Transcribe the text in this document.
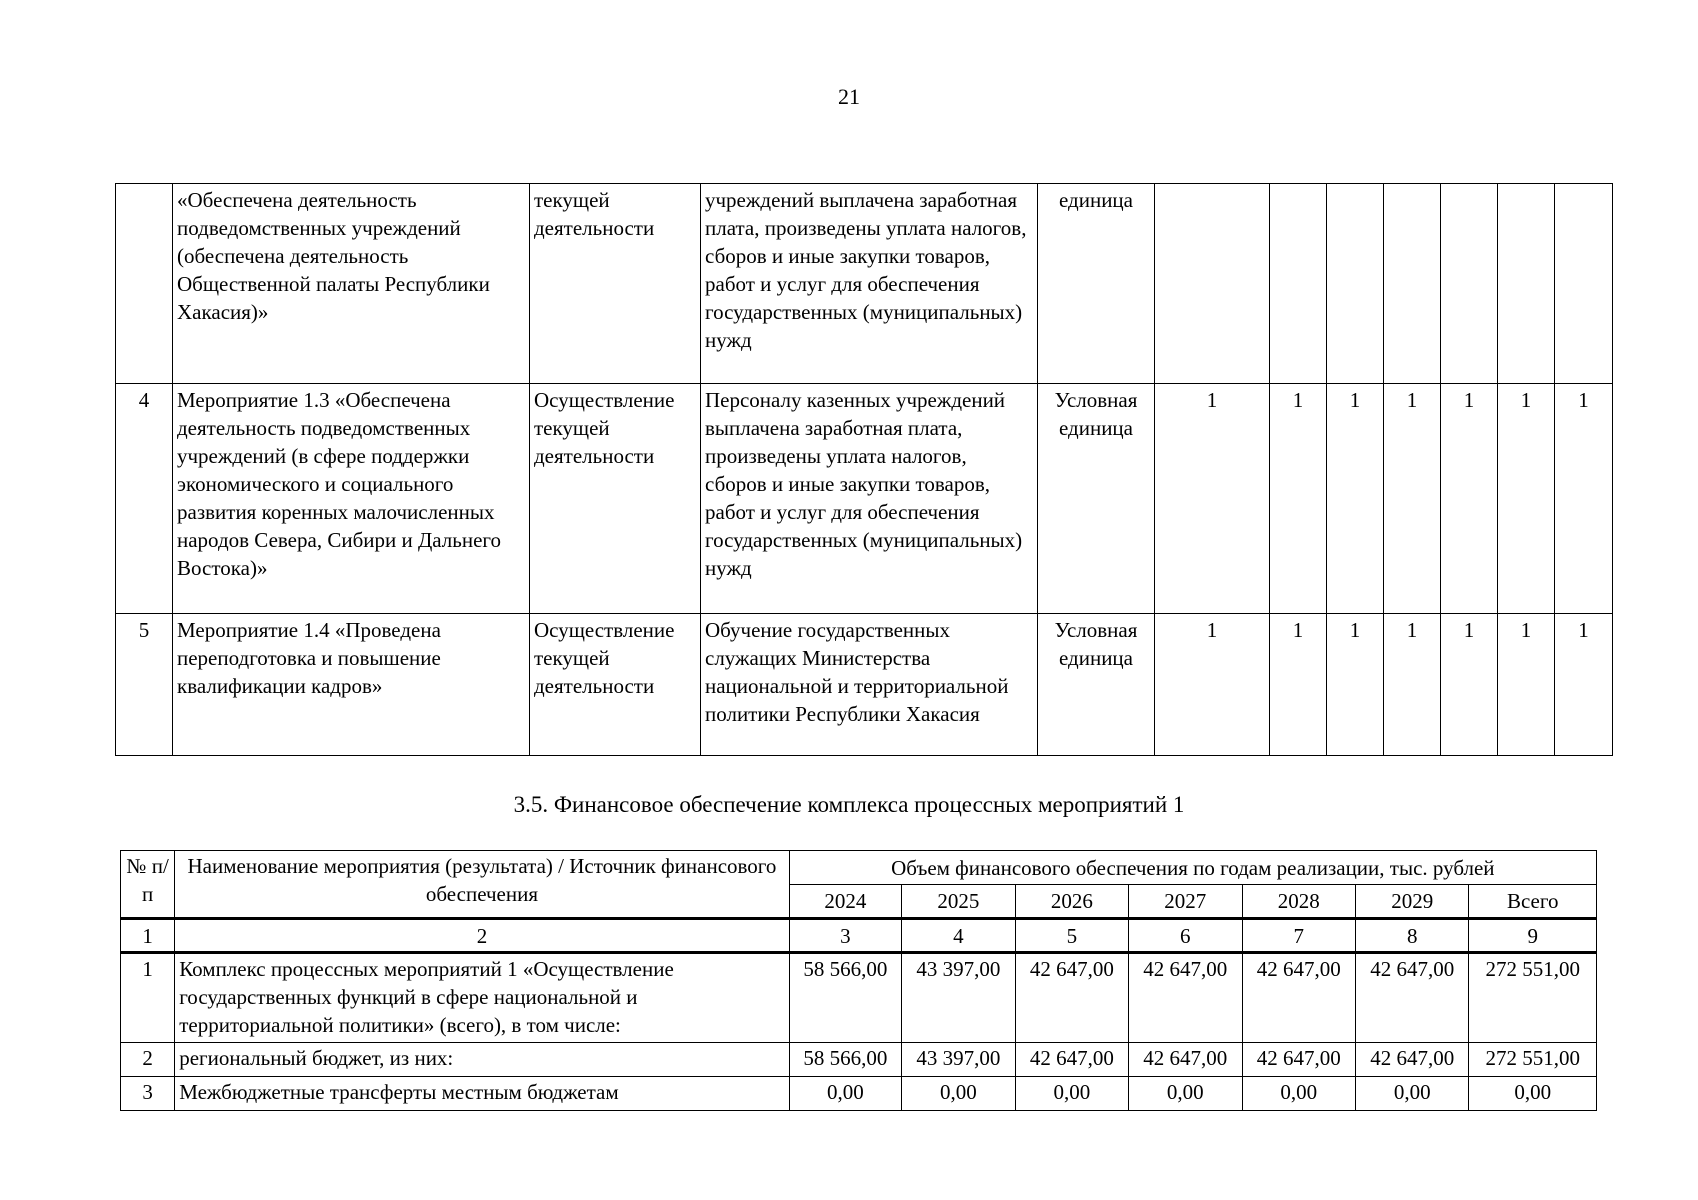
21
	«Обеспечена деятельность подведомственных учреждений (обеспечена деятельность Общественной палаты Республики Хакасия)»	текущей деятельности	учреждений выплачена заработная плата, произведены уплата налогов, сборов и иные закупки товаров, работ и услуг для обеспечения государственных (муниципальных) нужд	единица							
4	Мероприятие 1.3 «Обеспечена деятельность подведомственных учреждений (в сфере поддержки экономического и социального развития коренных малочисленных народов Севера, Сибири и Дальнего Востока)»	Осуществление текущей деятельности	Персоналу казенных учреждений выплачена заработная плата, произведены уплата налогов, сборов и иные закупки товаров, работ и услуг для обеспечения государственных (муниципальных) нужд	Условная единица	1	1	1	1	1	1	1
5	Мероприятие 1.4 «Проведена переподготовка и повышение квалификации кадров»	Осуществление текущей деятельности	Обучение государственных служащих Министерства национальной и территориальной политики Республики Хакасия	Условная единица	1	1	1	1	1	1	1
3.5. Финансовое обеспечение комплекса процессных мероприятий 1
№ п/п	Наименование мероприятия (результата) / Источник финансового обеспечения	Объем финансового обеспечения по годам реализации, тыс. рублей						
		2024	2025	2026	2027	2028	2029	Всего
1	2	3	4	5	6	7	8	9
1	Комплекс процессных мероприятий 1 «Осуществление государственных функций в сфере национальной и территориальной политики» (всего), в том числе:	58 566,00	43 397,00	42 647,00	42 647,00	42 647,00	42 647,00	272 551,00
2	региональный бюджет, из них:	58 566,00	43 397,00	42 647,00	42 647,00	42 647,00	42 647,00	272 551,00
3	Межбюджетные трансферты местным бюджетам	0,00	0,00	0,00	0,00	0,00	0,00	0,00
